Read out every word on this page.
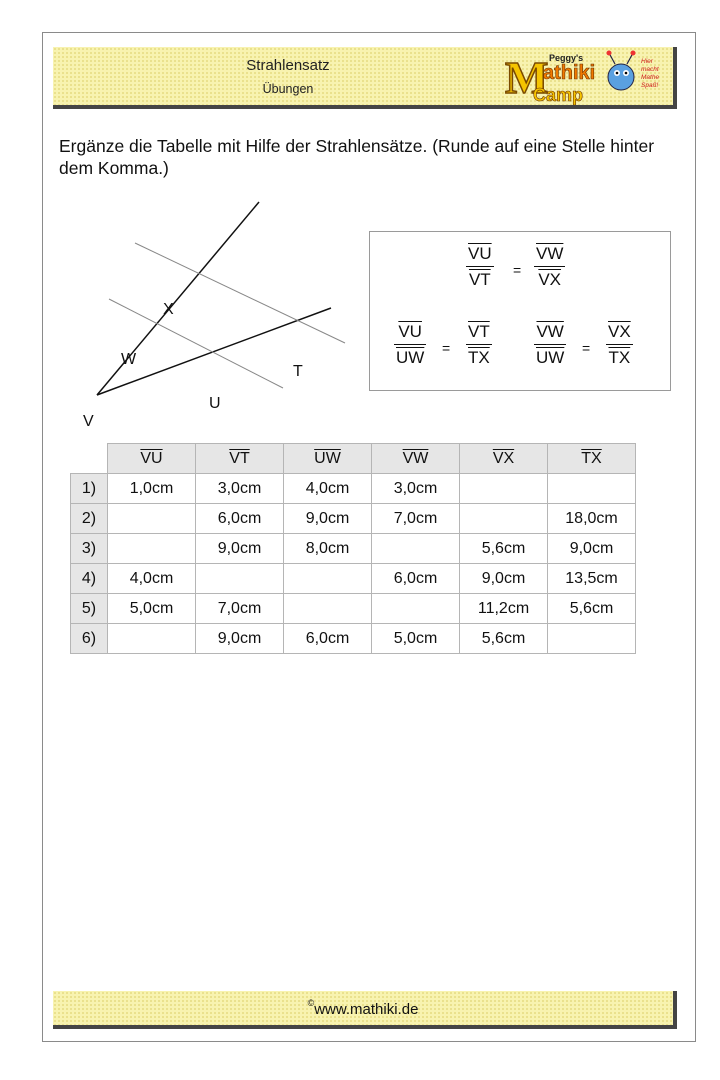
Strahlensatz
Übungen	M Peggy's
athiki
Camp
Hier
macht
Mathe
Spaß!
Ergänze die Tabelle mit Hilfe der Strahlensätze. (Runde auf eine Stelle hinter dem Komma.)
X
W
T
U
V
$\frac{\overline{VU}}{VT} = \frac{\overline{VW}}{VX}$
$\frac{\overline{VU}}{UW} = \frac{\overline{VT}}{TX} \frac{\overline{VW}}{UW} = \frac{\overline{VX}}{TX}$
	$\overline{VU}$	$\overline{VT}$	$\overline{UW}$	$\overline{VW}$	$\overline{VX}$	$\overline{TX}$
1)	1,0cm	3,0cm	4,0cm	3,0cm		
2)		6,0cm	9,0cm	7,0cm		18,0cm
3)		9,0cm	8,0cm		5,6cm	9,0cm
4)	4,0cm			6,0cm	9,0cm	13,5cm
5)	5,0cm	7,0cm			11,2cm	5,6cm
6)		9,0cm	6,0cm	5,0cm	5,6cm	
©www.mathiki.de
